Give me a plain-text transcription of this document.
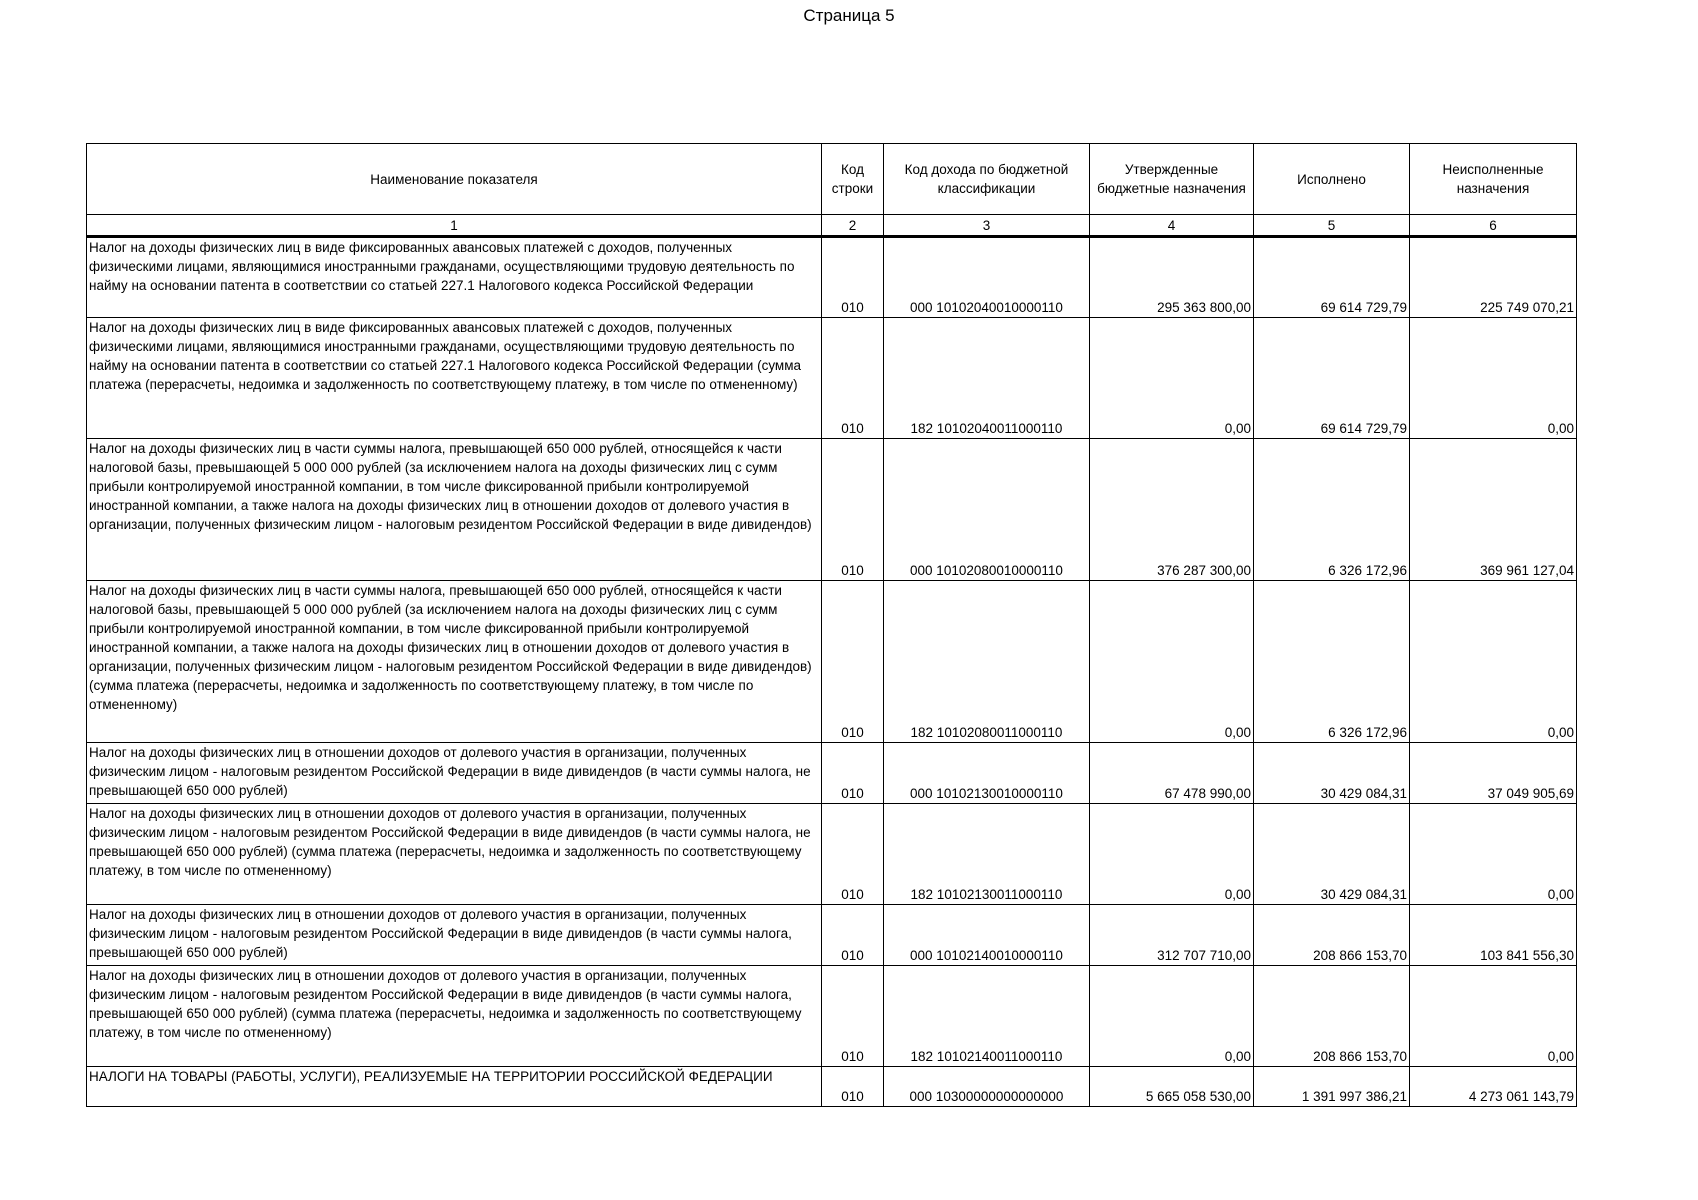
Страница 5
Наименование показателя	Код строки	Код дохода по бюджетной классификации	Утвержденные бюджетные назначения	Исполнено	Неисполненные назначения
1	2	3	4	5	6
Налог на доходы физических лиц в виде фиксированных авансовых платежей с доходов, полученных физическими лицами, являющимися иностранными гражданами, осуществляющими трудовую деятельность по найму на основании патента в соответствии со статьей 227.1 Налогового кодекса Российской Федерации	010	000 10102040010000110	295 363 800,00	69 614 729,79	225 749 070,21
Налог на доходы физических лиц в виде фиксированных авансовых платежей с доходов, полученных физическими лицами, являющимися иностранными гражданами, осуществляющими трудовую деятельность по найму на основании патента в соответствии со статьей 227.1 Налогового кодекса Российской Федерации (сумма платежа (перерасчеты, недоимка и задолженность по соответствующему платежу, в том числе по отмененному)	010	182 10102040011000110	0,00	69 614 729,79	0,00
Налог на доходы физических лиц в части суммы налога, превышающей 650 000 рублей, относящейся к части налоговой базы, превышающей 5 000 000 рублей (за исключением налога на доходы физических лиц с сумм прибыли контролируемой иностранной компании, в том числе фиксированной прибыли контролируемой иностранной компании, а также налога на доходы физических лиц в отношении доходов от долевого участия в организации, полученных физическим лицом - налоговым резидентом Российской Федерации в виде дивидендов)	010	000 10102080010000110	376 287 300,00	6 326 172,96	369 961 127,04
Налог на доходы физических лиц в части суммы налога, превышающей 650 000 рублей, относящейся к части налоговой базы, превышающей 5 000 000 рублей (за исключением налога на доходы физических лиц с сумм прибыли контролируемой иностранной компании, в том числе фиксированной прибыли контролируемой иностранной компании, а также налога на доходы физических лиц в отношении доходов от долевого участия в организации, полученных физическим лицом - налоговым резидентом Российской Федерации в виде дивидендов) (сумма платежа (перерасчеты, недоимка и задолженность по соответствующему платежу, в том числе по отмененному)	010	182 10102080011000110	0,00	6 326 172,96	0,00
Налог на доходы физических лиц в отношении доходов от долевого участия в организации, полученных физическим лицом - налоговым резидентом Российской Федерации в виде дивидендов (в части суммы налога, не превышающей 650 000 рублей)	010	000 10102130010000110	67 478 990,00	30 429 084,31	37 049 905,69
Налог на доходы физических лиц в отношении доходов от долевого участия в организации, полученных физическим лицом - налоговым резидентом Российской Федерации в виде дивидендов (в части суммы налога, не превышающей 650 000 рублей) (сумма платежа (перерасчеты, недоимка и задолженность по соответствующему платежу, в том числе по отмененному)	010	182 10102130011000110	0,00	30 429 084,31	0,00
Налог на доходы физических лиц в отношении доходов от долевого участия в организации, полученных физическим лицом - налоговым резидентом Российской Федерации в виде дивидендов (в части суммы налога, превышающей 650 000 рублей)	010	000 10102140010000110	312 707 710,00	208 866 153,70	103 841 556,30
Налог на доходы физических лиц в отношении доходов от долевого участия в организации, полученных физическим лицом - налоговым резидентом Российской Федерации в виде дивидендов (в части суммы налога, превышающей 650 000 рублей) (сумма платежа (перерасчеты, недоимка и задолженность по соответствующему платежу, в том числе по отмененному)	010	182 10102140011000110	0,00	208 866 153,70	0,00
НАЛОГИ НА ТОВАРЫ (РАБОТЫ, УСЛУГИ), РЕАЛИЗУЕМЫЕ НА ТЕРРИТОРИИ РОССИЙСКОЙ ФЕДЕРАЦИИ	010	000 10300000000000000	5 665 058 530,00	1 391 997 386,21	4 273 061 143,79
